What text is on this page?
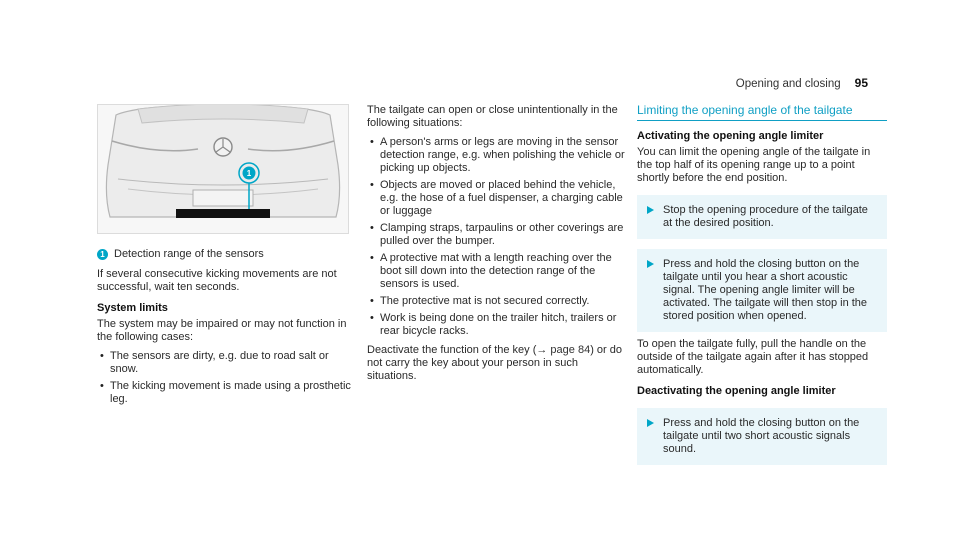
Opening and closing 95
1
1 Detection range of the sensors

If several consecutive kicking movements are not successful, wait ten seconds.

System limits

The system may be impaired or may not function in the following cases:

• The sensors are dirty, e.g. due to road salt or snow.
• The kicking movement is made using a prosthetic leg.

The tailgate can open or close unintentionally in the following situations:

• A person's arms or legs are moving in the sensor detection range, e.g. when polishing the vehicle or picking up objects.
• Objects are moved or placed behind the vehicle, e.g. the hose of a fuel dispenser, a charging cable or luggage
• Clamping straps, tarpaulins or other coverings are pulled over the bumper.
• A protective mat with a length reaching over the boot sill down into the detection range of the sensors is used.
• The protective mat is not secured correctly.
• Work is being done on the trailer hitch, trailers or rear bicycle racks.

Deactivate the function of the key (→ page 84) or do not carry the key about your person in such situations.

Limiting the opening angle of the tailgate
Activating the opening angle limiter

You can limit the opening angle of the tailgate in the top half of its opening range up to a point shortly before the end position.

Stop the opening procedure of the tailgate at the desired position.
Press and hold the closing button on the tailgate until you hear a short acoustic signal. The opening angle limiter will be activated. The tailgate will then stop in the stored position when opened.

To open the tailgate fully, pull the handle on the outside of the tailgate again after it has stopped automatically.

Deactivating the opening angle limiter
Press and hold the closing button on the tailgate until two short acoustic signals sound.
